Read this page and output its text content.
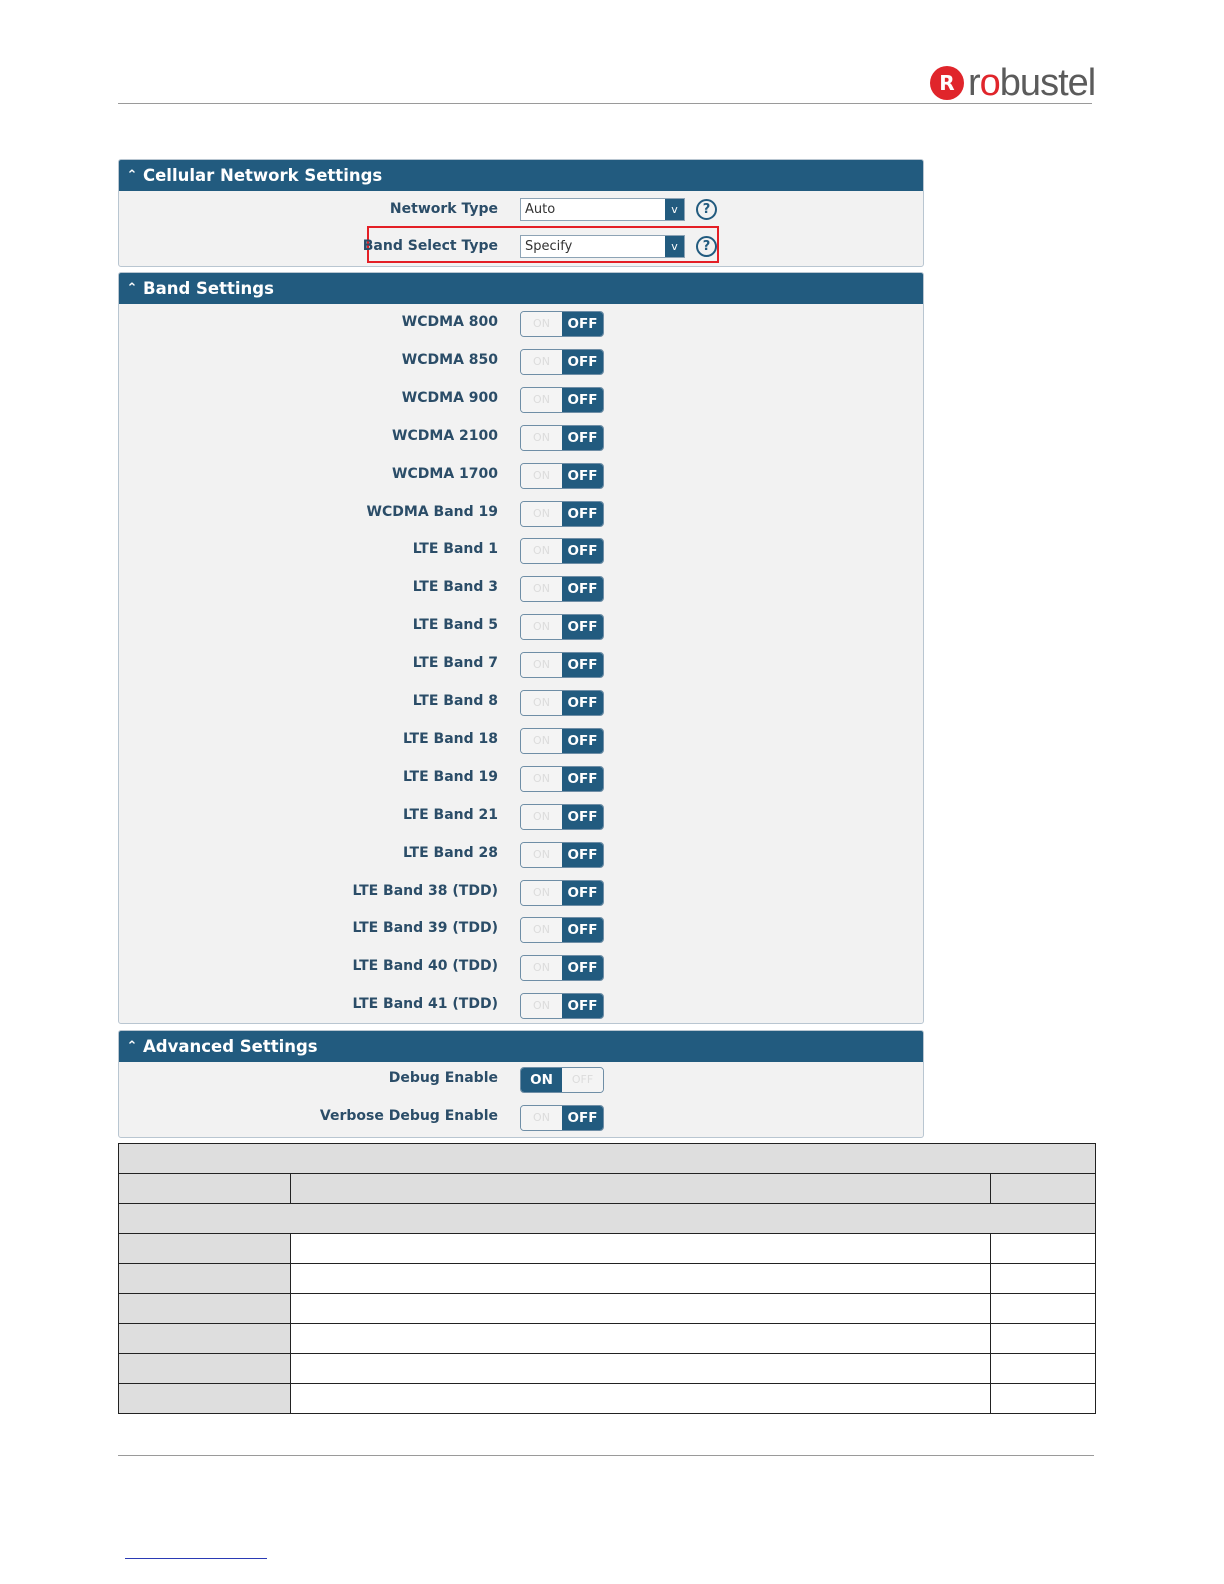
R robustel
⌃ Cellular Network Settings
Network Type	Auto	v	?
Band Select Type	Specify	v	?
⌃ Band Settings
WCDMA 800	ON	OFF
WCDMA 850	ON	OFF
WCDMA 900	ON	OFF
WCDMA 2100	ON	OFF
WCDMA 1700	ON	OFF
WCDMA Band 19	ON	OFF
LTE Band 1	ON	OFF
LTE Band 3	ON	OFF
LTE Band 5	ON	OFF
LTE Band 7	ON	OFF
LTE Band 8	ON	OFF
LTE Band 18	ON	OFF
LTE Band 19	ON	OFF
LTE Band 21	ON	OFF
LTE Band 28	ON	OFF
LTE Band 38 (TDD)	ON	OFF
LTE Band 39 (TDD)	ON	OFF
LTE Band 40 (TDD)	ON	OFF
LTE Band 41 (TDD)	ON	OFF
⌃ Advanced Settings
Debug Enable	ON	OFF
Verbose Debug Enable	ON	OFF
